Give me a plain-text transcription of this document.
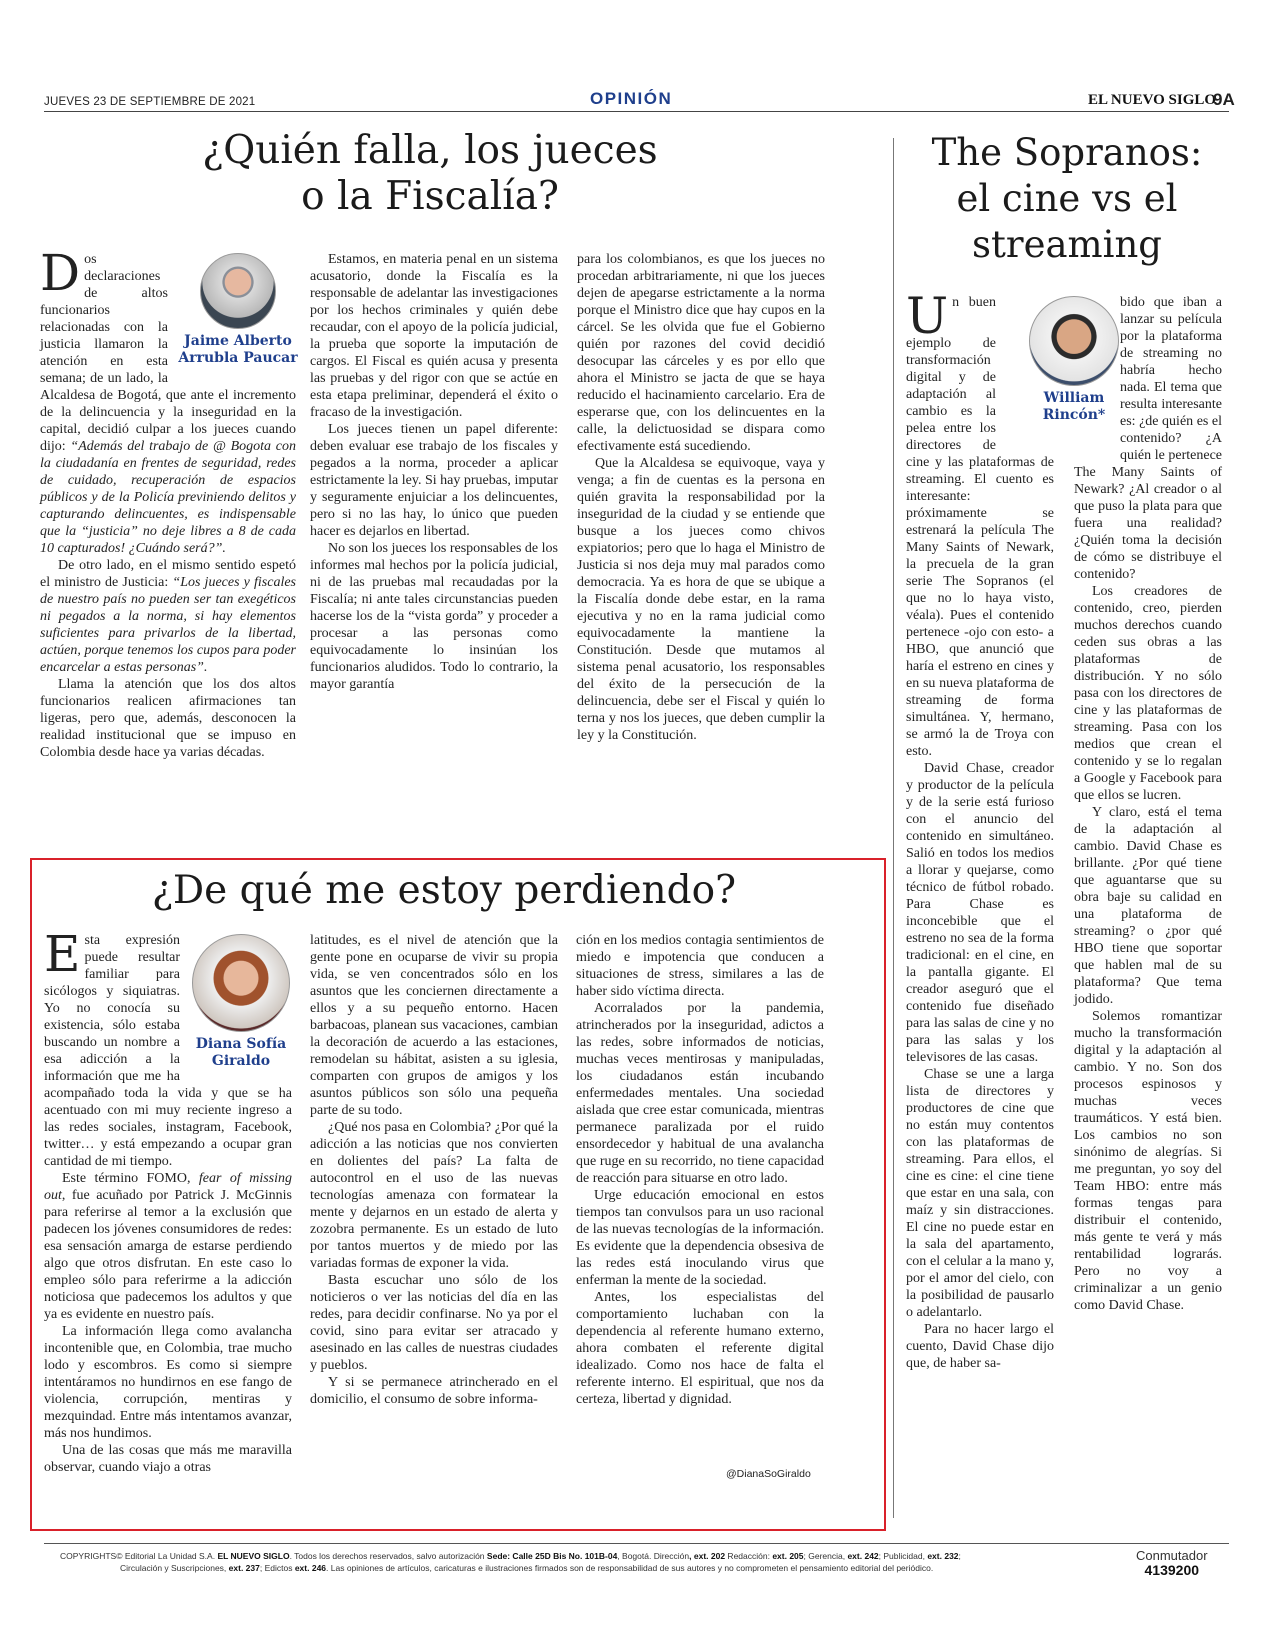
JUEVES 23 DE SEPTIEMBRE DE 2021	OPINIÓN	EL NUEVO SIGLO
9A
¿Quién falla, los jueces
o la Fiscalía?
Jaime Alberto
Arrubla Paucar

Dos declaraciones de altos funcionarios relacionadas con la justicia llamaron la atención en esta semana; de un lado, la Alcaldesa de Bogotá, que ante el incremento de la delincuencia y la inseguridad en la capital, decidió culpar a los jueces cuando dijo: “Además del trabajo de @ Bogota con la ciudadanía en frentes de seguridad, redes de cuidado, recuperación de espacios públicos y de la Policía previniendo delitos y capturando delincuentes, es indispensable que la “justicia” no deje libres a 8 de cada 10 capturados! ¿Cuándo será?”.

De otro lado, en el mismo sentido espetó el ministro de Justicia: “Los jueces y fiscales de nuestro país no pueden ser tan exegéticos ni pegados a la norma, si hay elementos suficientes para privarlos de la libertad, actúen, porque tenemos los cupos para poder encarcelar a estas personas”.

Llama la atención que los dos altos funcionarios realicen afirmaciones tan ligeras, pero que, además, desconocen la realidad institucional que se impuso en Colombia desde hace ya varias décadas.

Estamos, en materia penal en un sistema acusatorio, donde la Fiscalía es la responsable de adelantar las investigaciones por los hechos criminales y quién debe recaudar, con el apoyo de la policía judicial, la prueba que soporte la imputación de cargos. El Fiscal es quién acusa y presenta las pruebas y del rigor con que se actúe en esta etapa preliminar, dependerá el éxito o fracaso de la investigación.

Los jueces tienen un papel diferente: deben evaluar ese trabajo de los fiscales y pegados a la norma, proceder a aplicar estrictamente la ley. Si hay pruebas, imputar y seguramente enjuiciar a los delincuentes, pero si no las hay, lo único que pueden hacer es dejarlos en libertad.

No son los jueces los responsables de los informes mal hechos por la policía judicial, ni de las pruebas mal recaudadas por la Fiscalía; ni ante tales circunstancias pueden hacerse los de la “vista gorda” y proceder a procesar a las personas como equivocadamente lo insinúan los funcionarios aludidos. Todo lo contrario, la mayor garantía

para los colombianos, es que los jueces no procedan arbitrariamente, ni que los jueces dejen de apegarse estrictamente a la norma porque el Ministro dice que hay cupos en la cárcel. Se les olvida que fue el Gobierno quién por razones del covid decidió desocupar las cárceles y es por ello que ahora el Ministro se jacta de que se haya reducido el hacinamiento carcelario. Era de esperarse que, con los delincuentes en la calle, la delictuosidad se dispara como efectivamente está sucediendo.

Que la Alcaldesa se equivoque, vaya y venga; a fin de cuentas es la persona en quién gravita la responsabilidad por la inseguridad de la ciudad y se entiende que busque a los jueces como chivos expiatorios; pero que lo haga el Ministro de Justicia si nos deja muy mal parados como democracia. Ya es hora de que se ubique a la Fiscalía donde debe estar, en la rama ejecutiva y no en la rama judicial como equivocadamente la mantiene la Constitución. Desde que mutamos al sistema penal acusatorio, los responsables del éxito de la persecución de la delincuencia, debe ser el Fiscal y quién lo terna y nos los jueces, que deben cumplir la ley y la Constitución.

¿De qué me estoy perdiendo?
Diana Sofía
Giraldo

Esta expresión puede resultar familiar para sicólogos y siquiatras. Yo no conocía su existencia, sólo estaba buscando un nombre a esa adicción a la información que me ha acompañado toda la vida y que se ha acentuado con mi muy reciente ingreso a las redes sociales, instagram, Facebook, twitter… y está empezando a ocupar gran cantidad de mi tiempo.

Este término FOMO, fear of missing out, fue acuñado por Patrick J. McGinnis para referirse al temor a la exclusión que padecen los jóvenes consumidores de redes: esa sensación amarga de estarse perdiendo algo que otros disfrutan. En este caso lo empleo sólo para referirme a la adicción noticiosa que padecemos los adultos y que ya es evidente en nuestro país.

La información llega como avalancha incontenible que, en Colombia, trae mucho lodo y escombros. Es como si siempre intentáramos no hundirnos en ese fango de violencia, corrupción, mentiras y mezquindad. Entre más intentamos avanzar, más nos hundimos.

Una de las cosas que más me maravilla observar, cuando viajo a otras

latitudes, es el nivel de atención que la gente pone en ocuparse de vivir su propia vida, se ven concentrados sólo en los asuntos que les conciernen directamente a ellos y a su pequeño entorno. Hacen barbacoas, planean sus vacaciones, cambian la decoración de acuerdo a las estaciones, remodelan su hábitat, asisten a su iglesia, comparten con grupos de amigos y los asuntos públicos son sólo una pequeña parte de su todo.

¿Qué nos pasa en Colombia? ¿Por qué la adicción a las noticias que nos convierten en dolientes del país? La falta de autocontrol en el uso de las nuevas tecnologías amenaza con formatear la mente y dejarnos en un estado de alerta y zozobra permanente. Es un estado de luto por tantos muertos y de miedo por las variadas formas de exponer la vida.

Basta escuchar uno sólo de los noticieros o ver las noticias del día en las redes, para decidir confinarse. No ya por el covid, sino para evitar ser atracado y asesinado en las calles de nuestras ciudades y pueblos.

Y si se permanece atrincherado en el domicilio, el consumo de sobre informa-

ción en los medios contagia sentimientos de miedo e impotencia que conducen a situaciones de stress, similares a las de haber sido víctima directa.

Acorralados por la pandemia, atrincherados por la inseguridad, adictos a las redes, sobre informados de noticias, muchas veces mentirosas y manipuladas, los ciudadanos están incubando enfermedades mentales. Una sociedad aislada que cree estar comunicada, mientras permanece paralizada por el ruido ensordecedor y habitual de una avalancha que ruge en su recorrido, no tiene capacidad de reacción para situarse en otro lado.

Urge educación emocional en estos tiempos tan convulsos para un uso racional de las nuevas tecnologías de la información. Es evidente que la dependencia obsesiva de las redes está inoculando virus que enferman la mente de la sociedad.

Antes, los especialistas del comportamiento luchaban con la dependencia al referente humano externo, ahora combaten el referente digital idealizado. Como nos hace de falta el referente interno. El espiritual, que nos da certeza, libertad y dignidad.

@DianaSoGiraldo
The Sopranos:
el cine vs el
streaming

Un buen ejemplo de transformación digital y de adaptación al cambio es la pelea entre los directores de cine y las plataformas de streaming. El cuento es interesante: próximamente se estrenará la película The Many Saints of Newark, la precuela de la gran serie The Sopranos (el que no lo haya visto, véala). Pues el contenido pertenece -ojo con esto- a HBO, que anunció que haría el estreno en cines y en su nueva plataforma de streaming de forma simultánea. Y, hermano, se armó la de Troya con esto.

David Chase, creador y productor de la película y de la serie está furioso con el anuncio del contenido en simultáneo. Salió en todos los medios a llorar y quejarse, como técnico de fútbol robado. Para Chase es inconcebible que el estreno no sea de la forma tradicional: en el cine, en la pantalla gigante. El creador aseguró que el contenido fue diseñado para las salas de cine y no para las salas y los televisores de las casas.

Chase se une a larga lista de directores y productores de cine que no están muy contentos con las plataformas de streaming. Para ellos, el cine es cine: el cine tiene que estar en una sala, con maíz y sin distracciones. El cine no puede estar en la sala del apartamento, con el celular a la mano y, por el amor del cielo, con la posibilidad de pausarlo o adelantarlo.

Para no hacer largo el cuento, David Chase dijo que, de haber sa-

William
Rincón*

bido que iban a lanzar su película por la plataforma de streaming no habría hecho nada. El tema que resulta interesante es: ¿de quién es el contenido? ¿A quién le pertenece The Many Saints of Newark? ¿Al creador o al que puso la plata para que fuera una realidad? ¿Quién toma la decisión de cómo se distribuye el contenido?

Los creadores de contenido, creo, pierden muchos derechos cuando ceden sus obras a las plataformas de distribución. Y no sólo pasa con los directores de cine y las plataformas de streaming. Pasa con los medios que crean el contenido y se lo regalan a Google y Facebook para que ellos se lucren.

Y claro, está el tema de la adaptación al cambio. David Chase es brillante. ¿Por qué tiene que aguantarse que su obra baje su calidad en una plataforma de streaming? o ¿por qué HBO tiene que soportar que hablen mal de su plataforma? Que tema jodido.

Solemos romantizar mucho la transformación digital y la adaptación al cambio. Y no. Son dos procesos espinosos y muchas veces traumáticos. Y está bien. Los cambios no son sinónimo de alegrías. Si me preguntan, yo soy del Team HBO: entre más formas tengas para distribuir el contenido, más gente te verá y más rentabilidad lograrás. Pero no voy a criminalizar a un genio como David Chase.

COPYRIGHTS© Editorial La Unidad S.A. EL NUEVO SIGLO. Todos los derechos reservados, salvo autorización Sede: Calle 25D Bis No. 101B-04, Bogotá. Dirección, ext. 202 Redacción: ext. 205; Gerencia, ext. 242; Publicidad, ext. 232;
Circulación y Suscripciones, ext. 237; Edictos ext. 246. Las opiniones de artículos, caricaturas e ilustraciones firmados son de responsabilidad de sus autores y no comprometen el pensamiento editorial del periódico.
Conmutador
4139200
